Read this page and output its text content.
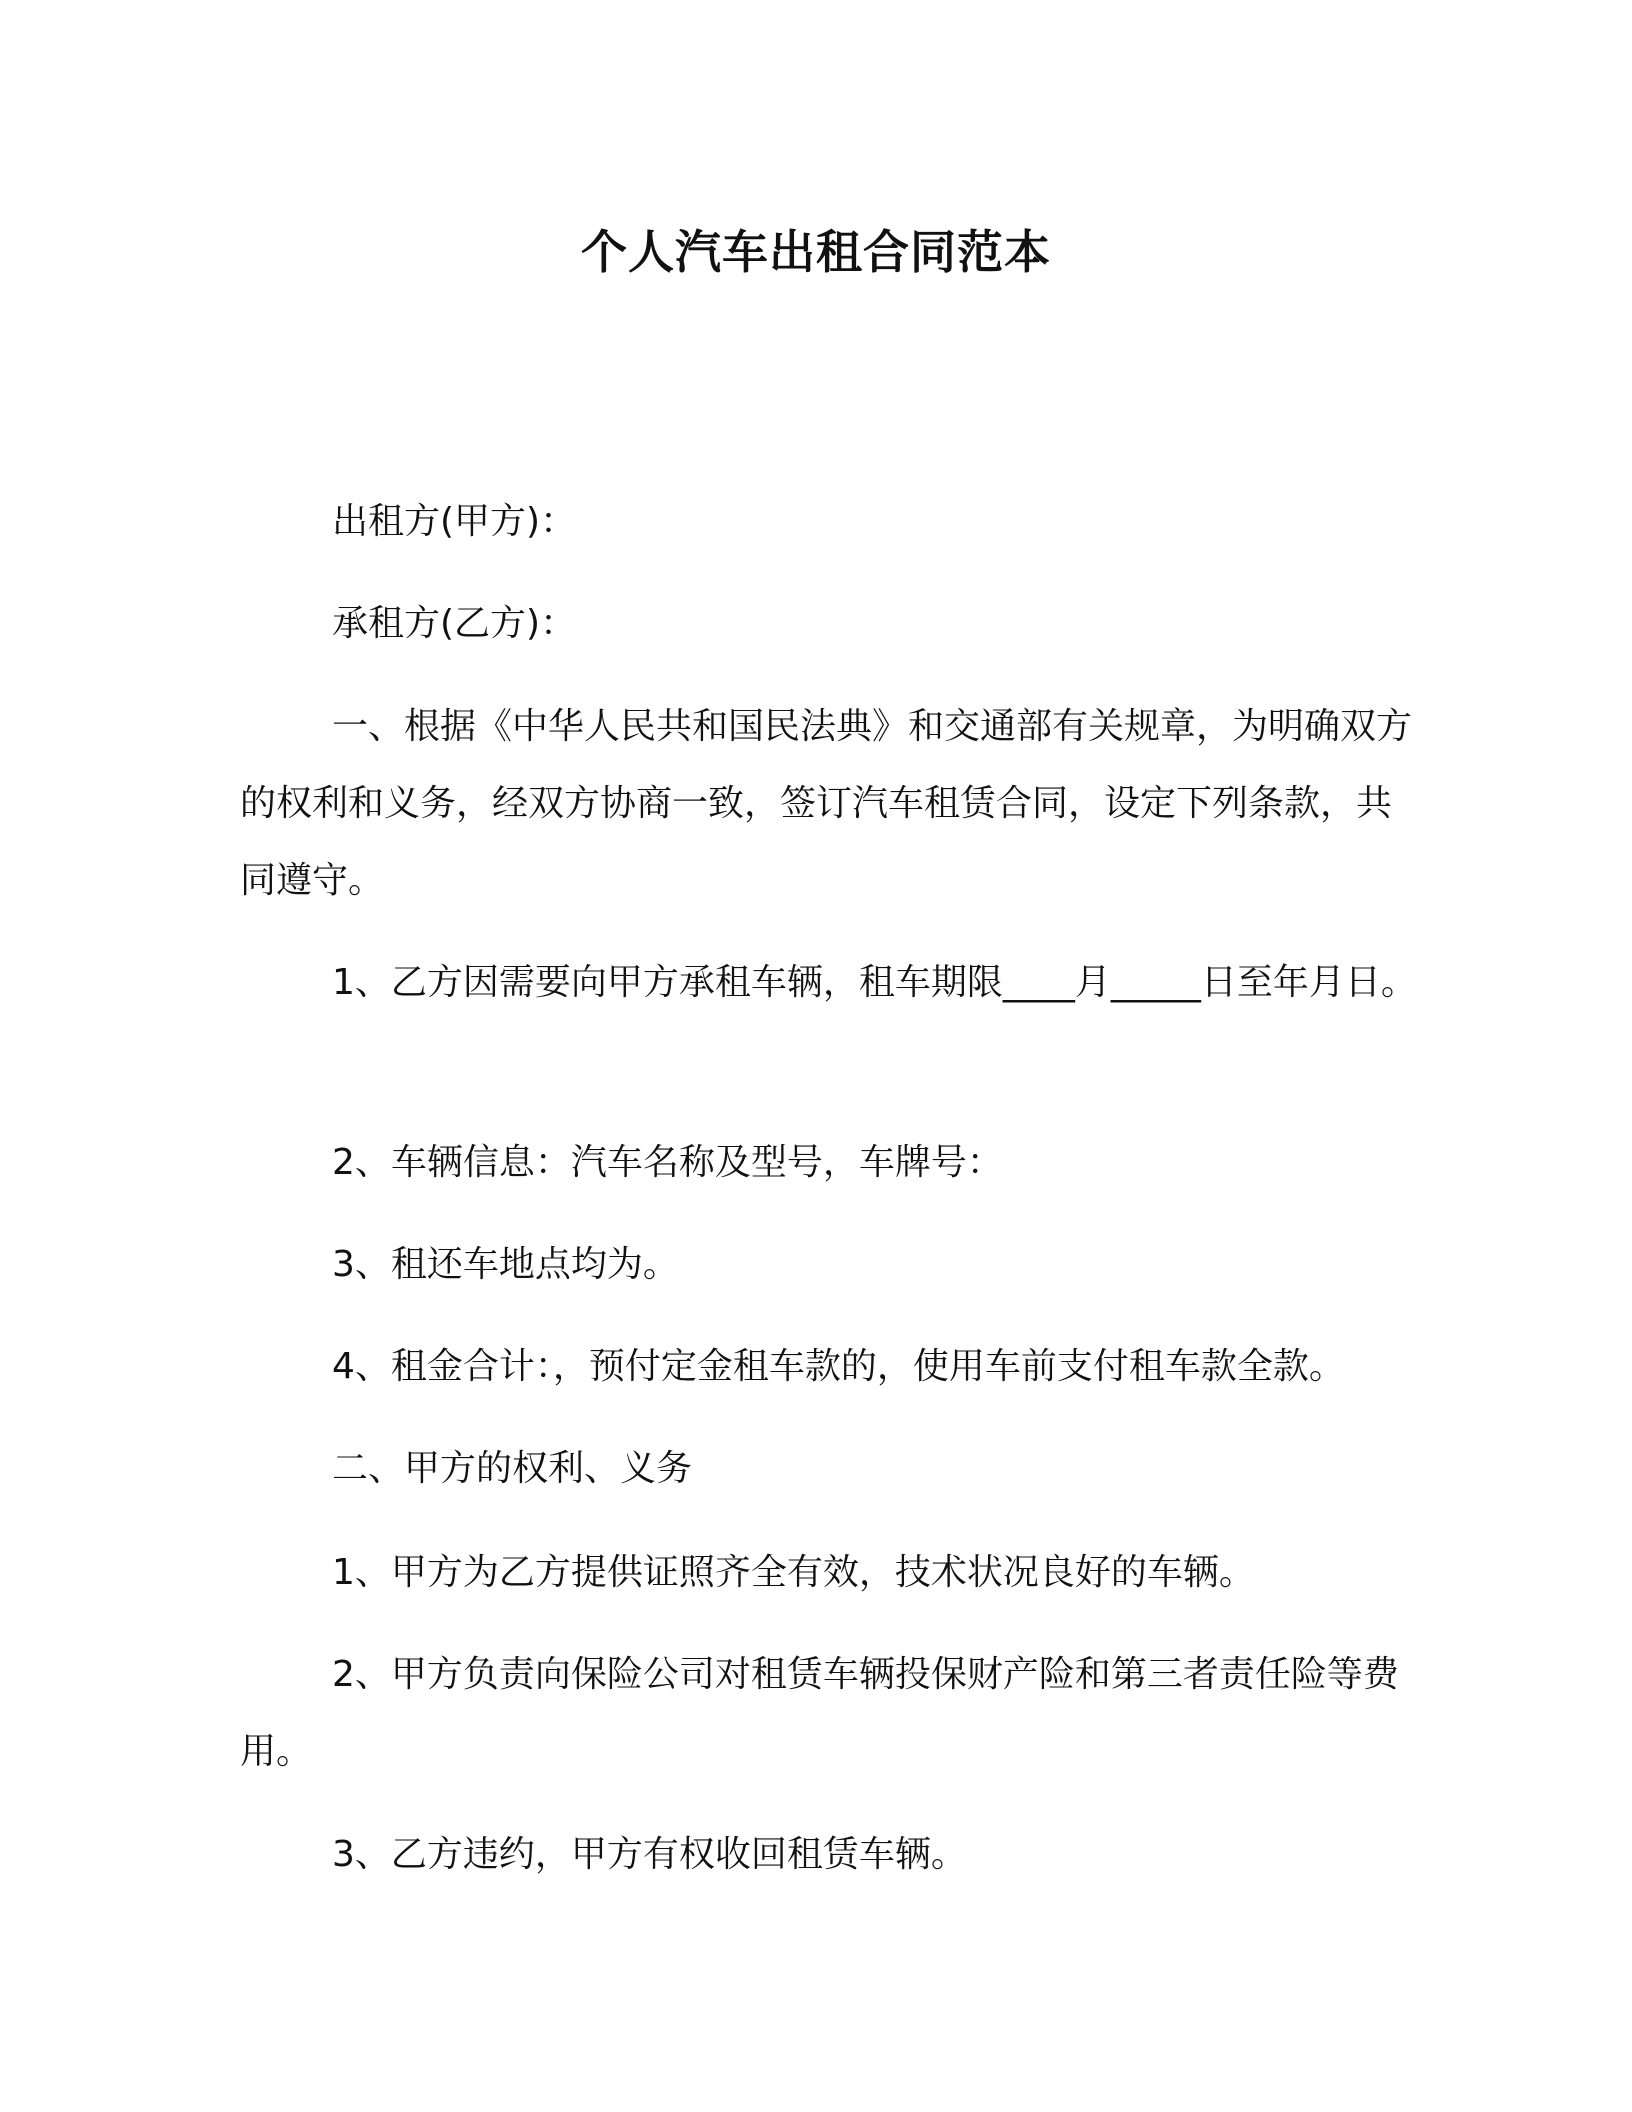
个人汽车出租合同范本

出租方(甲方)：

承租方(乙方)：

一、根据《中华人民共和国民法典》和交通部有关规章，为明确双方的权利和义务，经双方协商一致，签订汽车租赁合同，设定下列条款，共同遵守。

1、乙方因需要向甲方承租车辆，租车期限____月_____日至年月日。

2、车辆信息：汽车名称及型号，车牌号：

3、租还车地点均为。

4、租金合计：，预付定金租车款的，使用车前支付租车款全款。

二、甲方的权利、义务

1、甲方为乙方提供证照齐全有效，技术状况良好的车辆。

2、甲方负责向保险公司对租赁车辆投保财产险和第三者责任险等费用。

3、乙方违约，甲方有权收回租赁车辆。
